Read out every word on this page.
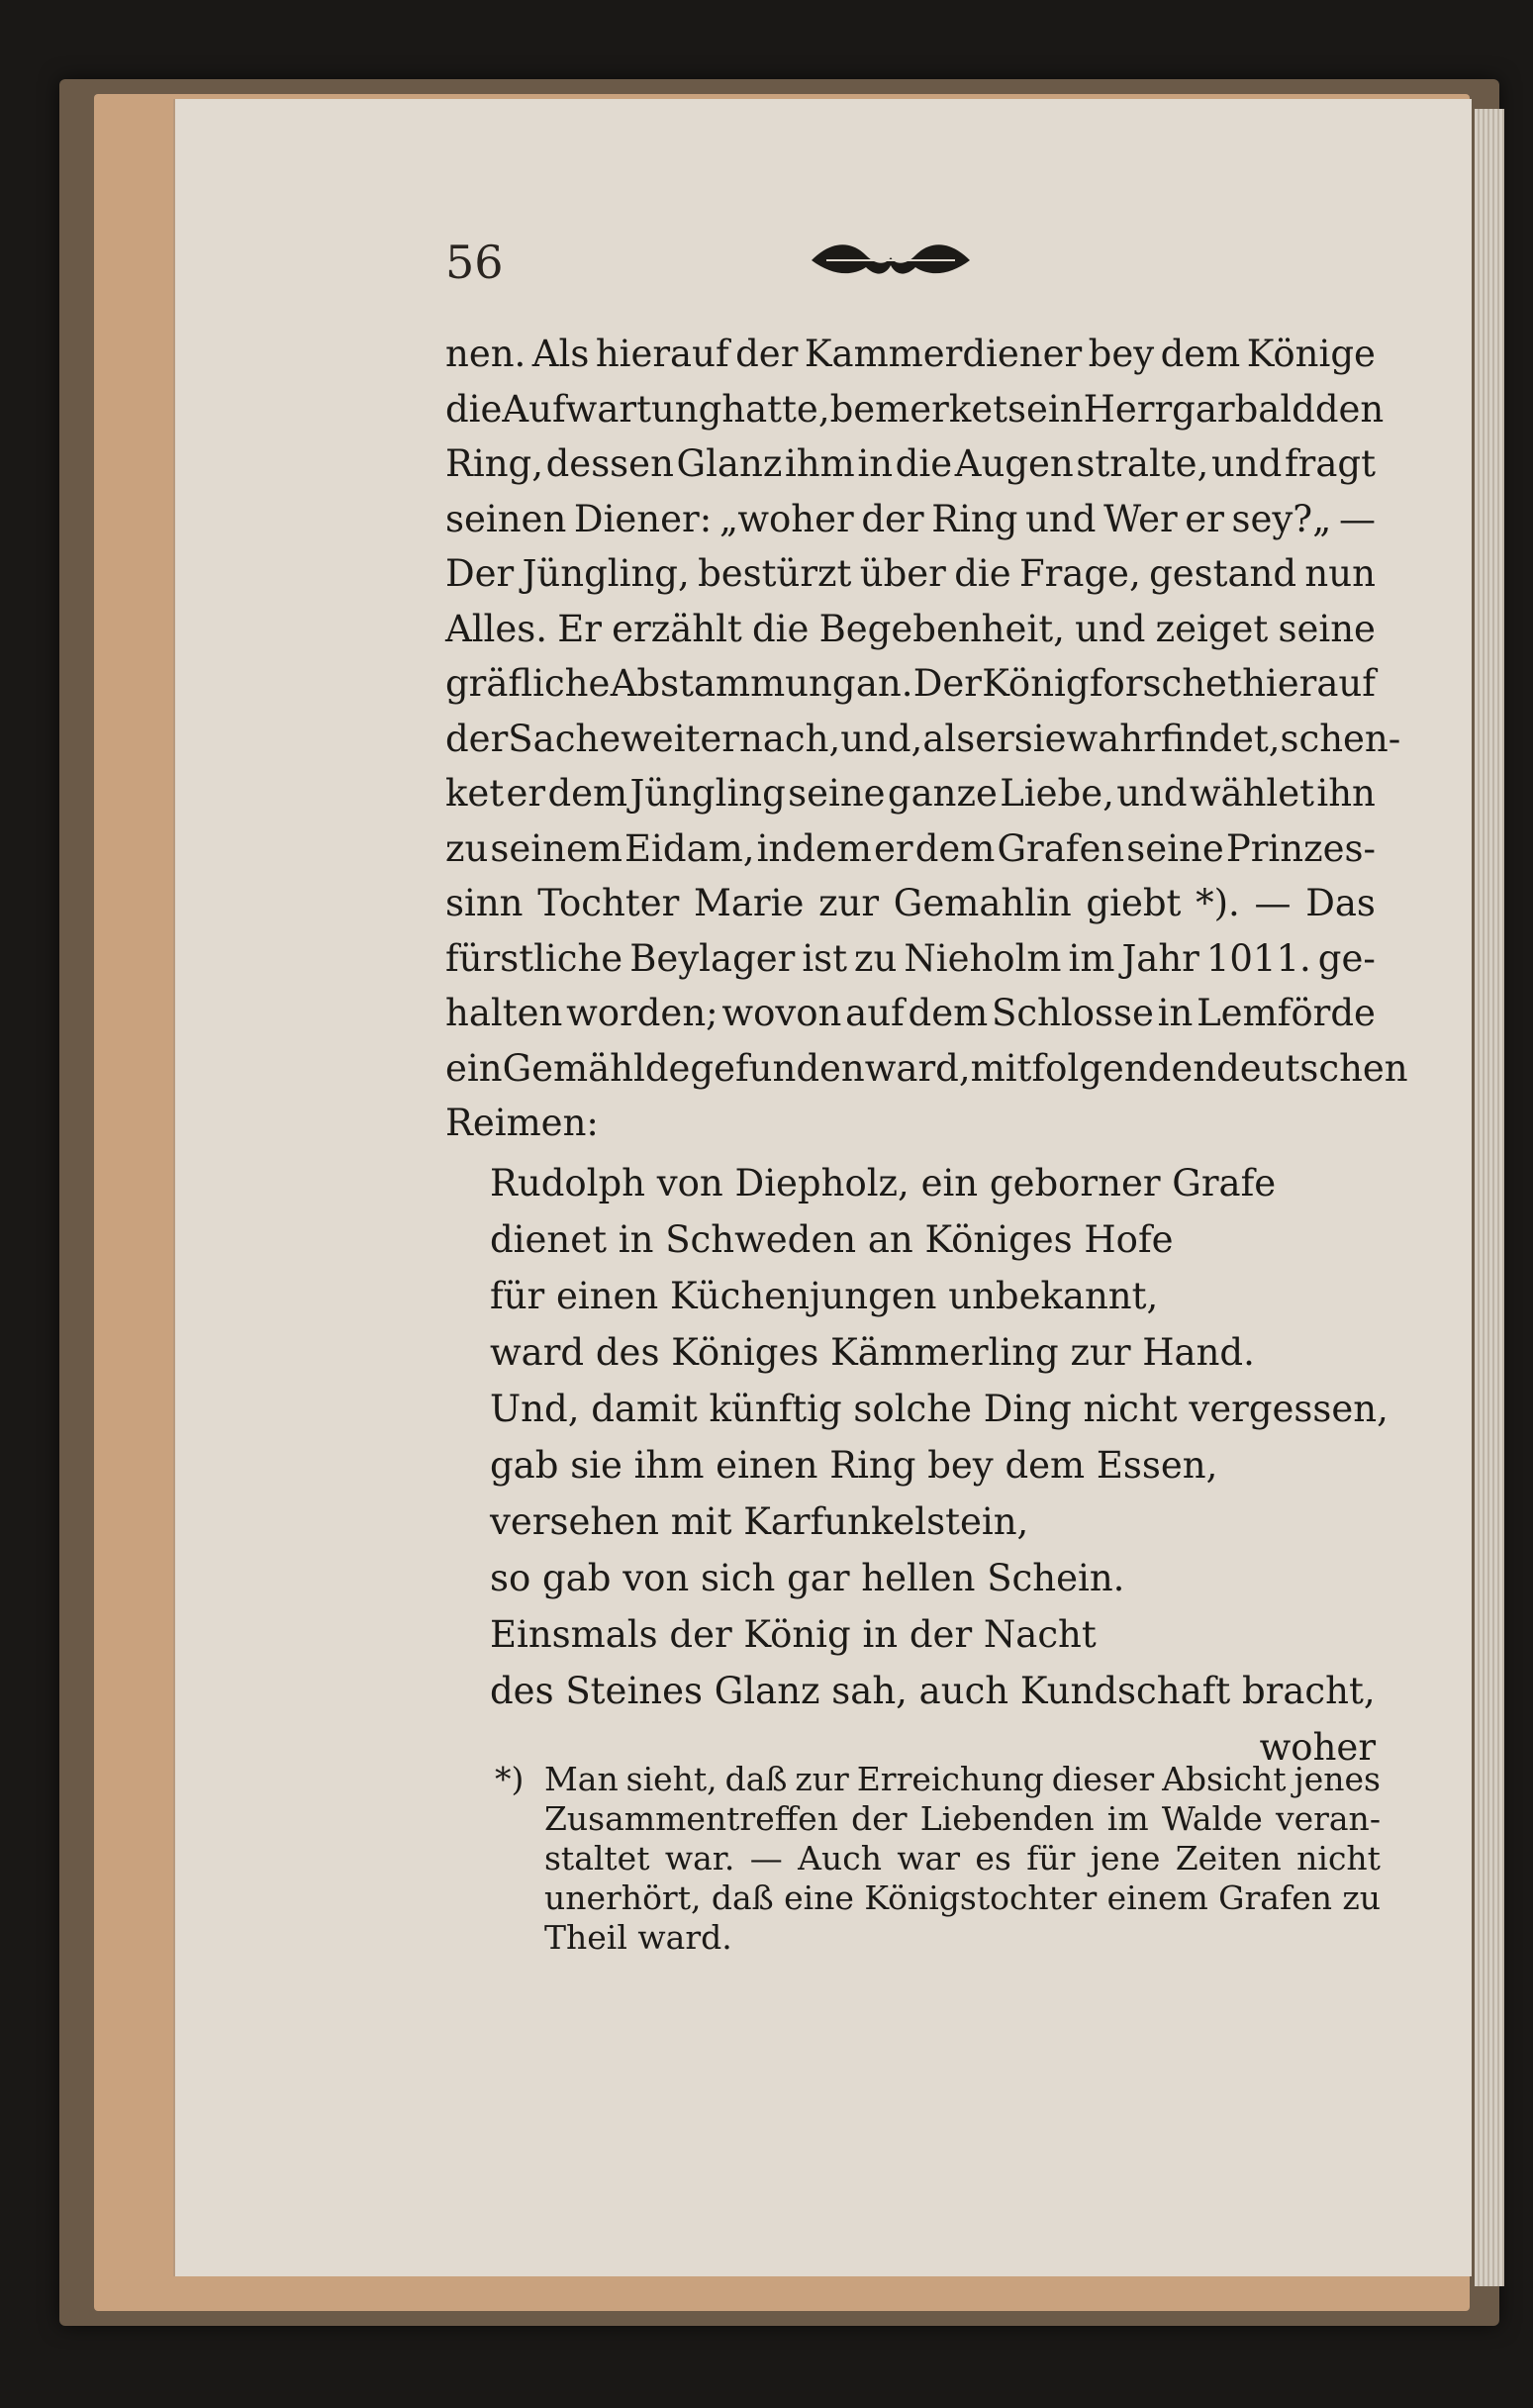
56
nen. Als hierauf der Kammerdiener bey dem Könige
die Aufwartung hatte, bemerket sein Herr gar bald den
Ring, dessen Glanz ihm in die Augen stralte, und fragt
seinen Diener: „woher der Ring und Wer er sey?„ —
Der Jüngling, bestürzt über die Frage, gestand nun
Alles. Er erzählt die Begebenheit, und zeiget seine
gräfliche Abstammung an. Der König forschet hierauf
der Sache weiter nach, und, als er sie wahr findet, schen-
ket er dem Jüngling seine ganze Liebe, und wählet ihn
zu seinem Eidam, indem er dem Grafen seine Prinzes-
sinn Tochter Marie zur Gemahlin giebt *). — Das
fürstliche Beylager ist zu Nieholm im Jahr 1011. ge-
halten worden; wovon auf dem Schlosse in Lemförde
ein Gemählde gefunden ward, mit folgenden deutschen
Reimen:
Rudolph von Diepholz, ein geborner Grafe
dienet in Schweden an Königes Hofe
für einen Küchenjungen unbekannt,
ward des Königes Kämmerling zur Hand.
Und, damit künftig solche Ding nicht vergessen,
gab sie ihm einen Ring bey dem Essen,
versehen mit Karfunkelstein,
so gab von sich gar hellen Schein.
Einsmals der König in der Nacht
des Steines Glanz sah, auch Kundschaft bracht,
woher
*) Man sieht, daß zur Erreichung dieser Absicht jenes
Zusammentreffen der Liebenden im Walde veran-
staltet war. — Auch war es für jene Zeiten nicht
unerhört, daß eine Königstochter einem Grafen zu
Theil ward.
